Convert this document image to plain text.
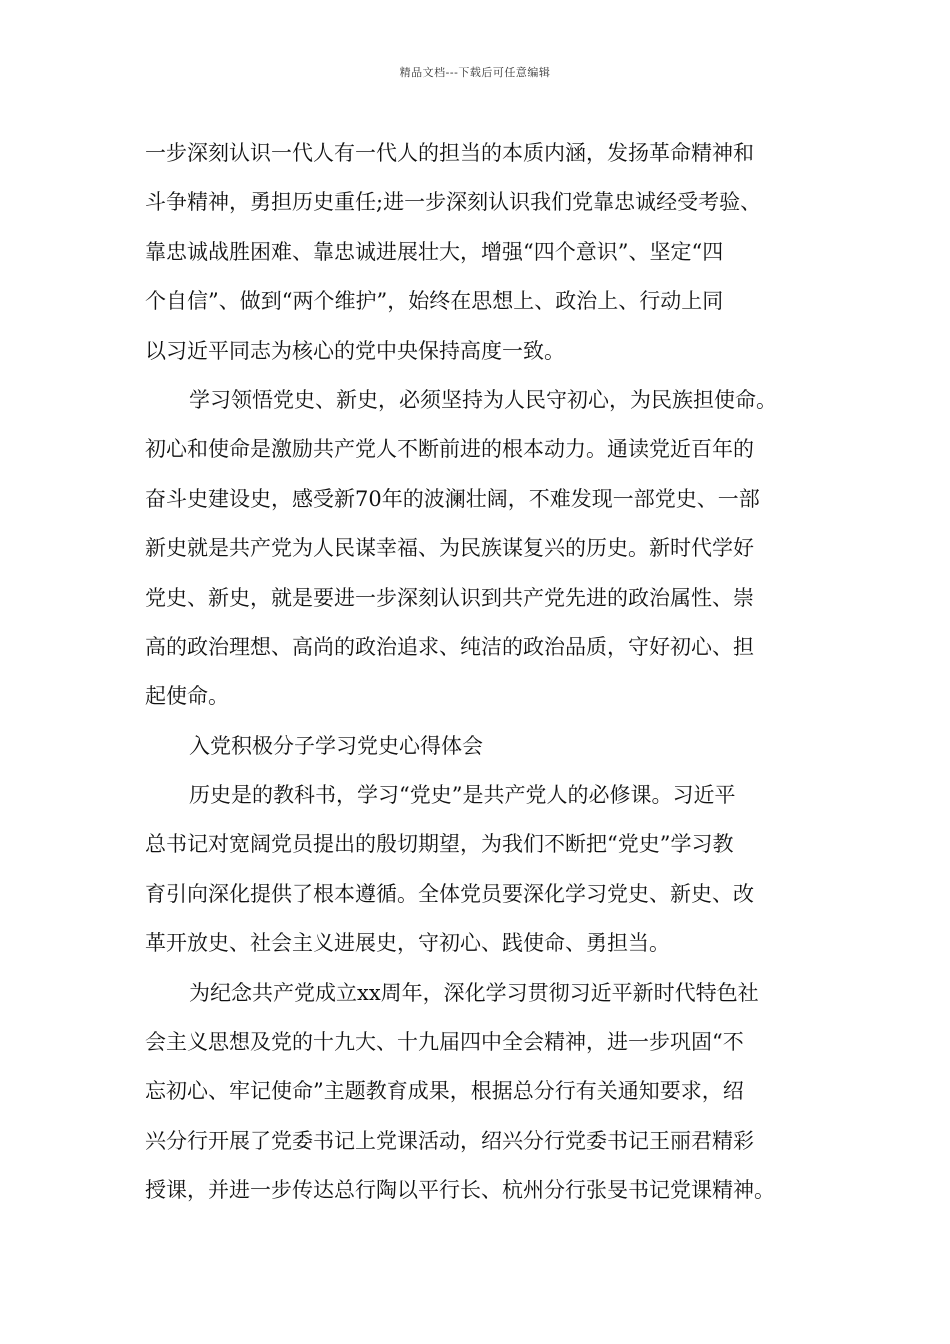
精品文档---下载后可任意编辑
一步深刻认识一代人有一代人的担当的本质内涵，发扬革命精神和
斗争精神，勇担历史重任;进一步深刻认识我们党靠忠诚经受考验、
靠忠诚战胜困难、靠忠诚进展壮大，增强“四个意识”、坚定“四
个自信”、做到“两个维护”，始终在思想上、政治上、行动上同
以习近平同志为核心的党中央保持高度一致。
学习领悟党史、新史，必须坚持为人民守初心，为民族担使命。
初心和使命是激励共产党人不断前进的根本动力。通读党近百年的
奋斗史建设史，感受新70年的波澜壮阔，不难发现一部党史、一部
新史就是共产党为人民谋幸福、为民族谋复兴的历史。新时代学好
党史、新史，就是要进一步深刻认识到共产党先进的政治属性、崇
高的政治理想、高尚的政治追求、纯洁的政治品质，守好初心、担
起使命。
入党积极分子学习党史心得体会
历史是的教科书，学习“党史”是共产党人的必修课。习近平
总书记对宽阔党员提出的殷切期望，为我们不断把“党史”学习教
育引向深化提供了根本遵循。全体党员要深化学习党史、新史、改
革开放史、社会主义进展史，守初心、践使命、勇担当。
为纪念共产党成立xx周年，深化学习贯彻习近平新时代特色社
会主义思想及党的十九大、十九届四中全会精神，进一步巩固“不
忘初心、牢记使命”主题教育成果，根据总分行有关通知要求，绍
兴分行开展了党委书记上党课活动，绍兴分行党委书记王丽君精彩
授课，并进一步传达总行陶以平行长、杭州分行张旻书记党课精神。
